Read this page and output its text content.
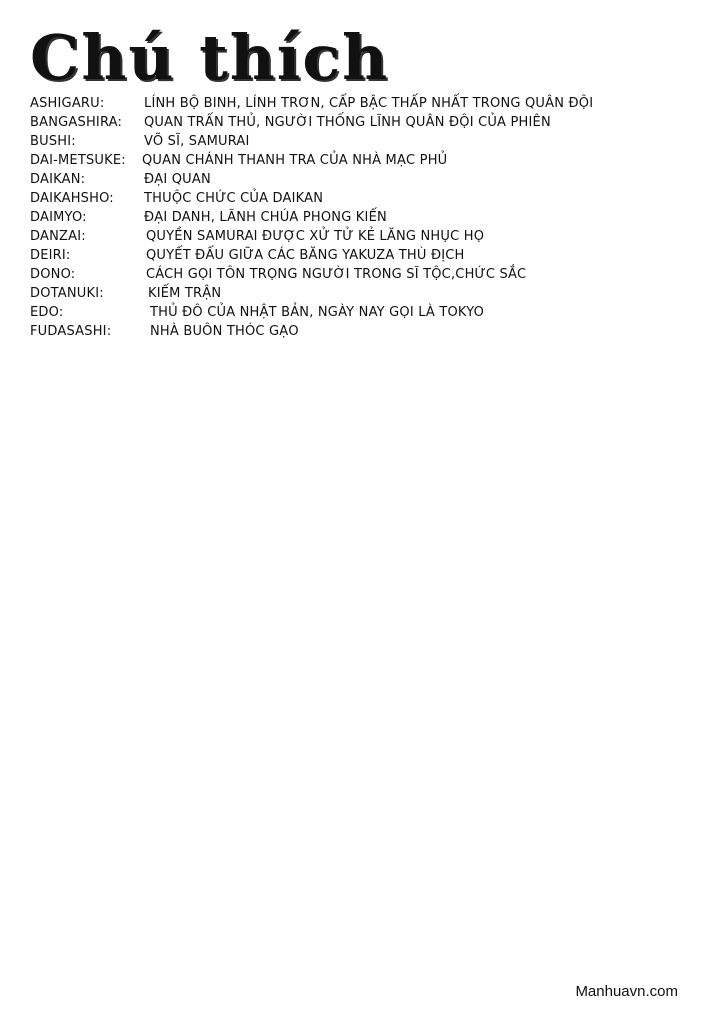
Chú thích
ASHIGARU:	LÍNH BỘ BINH, LÍNH TRƠN, CẤP BẬC THẤP NHẤT TRONG QUÂN ĐỘI
BANGASHIRA: QUAN TRẤN THỦ, NGƯỜI THỐNG LĨNH QUÂN ĐỘI CỦA PHIÊN
BUSHI:	VÕ SĨ, SAMURAI
DAI-METSUKE: QUAN CHÁNH THANH TRA CỦA NHÀ MẠC PHỦ
DAIKAN:	ĐẠI QUAN
DAIKAHSHO: THUỘC CHỨC CỦA DAIKAN
DAIMYO:	ĐẠI DANH, LÃNH CHÚA PHONG KIẾN
DANZAI:	QUYỀN SAMURAI ĐƯỢC XỬ TỬ KẺ LĂNG NHỤC HỌ
DEIRI:	QUYẾT ĐẤU GIỮA CÁC BĂNG YAKUZA THÙ ĐỊCH
DONO:	CÁCH GỌI TÔN TRỌNG NGƯỜI TRONG SĨ TỘC,CHỨC SẮC
DOTANUKI:	KIẾM TRẬN
EDO:	THỦ ĐÔ CỦA NHẬT BẢN, NGÀY NAY GỌI LÀ TOKYO
FUDASASHI:	NHÀ BUÔN THÓC GẠO
Manhuavn.com
